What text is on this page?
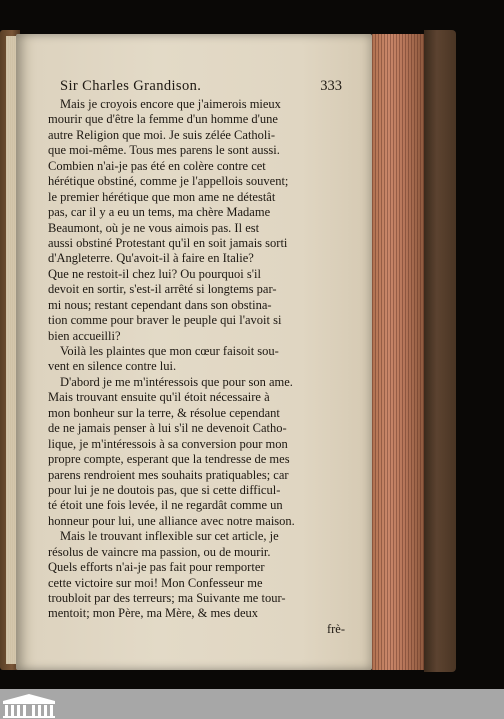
Sir Charles Grandison.	333
Mais je croyois encore que j'aimerois mieux
mourir que d'être la femme d'un homme d'une
autre Religion que moi. Je suis zélée Catholi-
que moi-même. Tous mes parens le sont aussi.
Combien n'ai-je pas été en colère contre cet
hérétique obstiné, comme je l'appellois souvent;
le premier hérétique que mon ame ne détestât
pas, car il y a eu un tems, ma chère Madame
Beaumont, où je ne vous aimois pas. Il est
aussi obstiné Protestant qu'il en soit jamais sorti
d'Angleterre. Qu'avoit-il à faire en Italie?
Que ne restoit-il chez lui? Ou pourquoi s'il
devoit en sortir, s'est-il arrêté si longtems par-
mi nous; restant cependant dans son obstina-
tion comme pour braver le peuple qui l'avoit si
bien accueilli?
Voilà les plaintes que mon cœur faisoit sou-
vent en silence contre lui.
D'abord je me m'intéressois que pour son ame.
Mais trouvant ensuite qu'il étoit nécessaire à
mon bonheur sur la terre, & résolue cependant
de ne jamais penser à lui s'il ne devenoit Catho-
lique, je m'intéressois à sa conversion pour mon
propre compte, esperant que la tendresse de mes
parens rendroient mes souhaits pratiquables; car
pour lui je ne doutois pas, que si cette difficul-
té étoit une fois levée, il ne regardât comme un
honneur pour lui, une alliance avec notre maison.
Mais le trouvant inflexible sur cet article, je
résolus de vaincre ma passion, ou de mourir.
Quels efforts n'ai-je pas fait pour remporter
cette victoire sur moi! Mon Confesseur me
troubloit par des terreurs; ma Suivante me tour-
mentoit; mon Père, ma Mère, & mes deux
frè-
